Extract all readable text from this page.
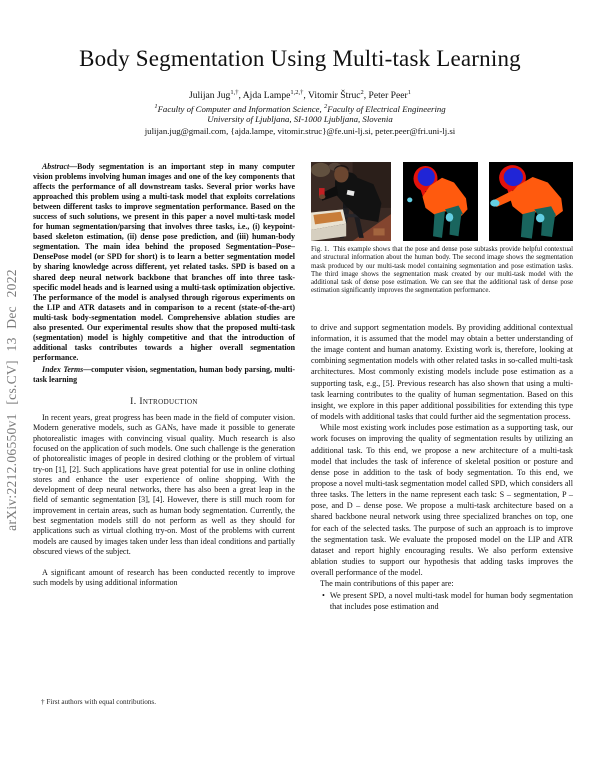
arXiv:2212.06550v1 [cs.CV] 13 Dec 2022
Body Segmentation Using Multi-task Learning
Julijan Jug$^{1,\dagger}$, Ajda Lampe$^{1,2,\dagger}$, Vitomir Štruc$^2$, Peter Peer$^1$
$^1$Faculty of Computer and Information Science, $^2$Faculty of Electrical Engineering
University of Ljubljana, SI-1000 Ljubljana, Slovenia
julijan.jug@gmail.com, {ajda.lampe, vitomir.struc}@fe.uni-lj.si, peter.peer@fri.uni-lj.si

Abstract—Body segmentation is an important step in many computer vision problems involving human images and one of the key components that affects the performance of all downstream tasks. Several prior works have approached this problem using a multi-task model that exploits correlations between different tasks to improve segmentation performance. Based on the success of such solutions, we present in this paper a novel multi-task model for human segmentation/parsing that involves three tasks, i.e., (i) keypoint-based skeleton estimation, (ii) dense pose prediction, and (iii) human-body segmentation. The main idea behind the proposed Segmentation–Pose–DensePose model (or SPD for short) is to learn a better segmentation model by sharing knowledge across different, yet related tasks. SPD is based on a shared deep neural network backbone that branches off into three task-specific model heads and is learned using a multi-task optimization objective. The performance of the model is analysed through rigorous experiments on the LIP and ATR datasets and in comparison to a recent (state-of-the-art) multi-task body-segmentation model. Comprehensive ablation studies are also presented. Our experimental results show that the proposed multi-task (segmentation) model is highly competitive and that the introduction of additional tasks contributes towards a higher overall segmentation performance.

Index Terms—computer vision, segmentation, human body parsing, multi-task learning

I. Introduction

In recent years, great progress has been made in the field of computer vision. Modern generative models, such as GANs, have made it possible to generate photorealistic images with convincing visual quality. Much research is also focused on the application of such models. One such challenge is the generation of photorealistic images of people in desired clothing or the problem of virtual try-on [1], [2]. Such applications have great potential for use in online clothing stores and enhance the user experience of online shopping. With the development of deep neural networks, there has also been a great leap in the field of semantic segmentation [3], [4]. However, there is still much room for improvement in certain areas, such as human body segmentation. Currently, the best segmentation models still do not perform as well as they should for applications such as virtual clothing try-on. Most of the problems with current models are caused by images taken under less than ideal conditions and partially obscured views of the subject.

A significant amount of research has been conducted recently to improve such models by using additional information

† First authors with equal contributions.
Fig. 1. This example shows that the pose and dense pose subtasks provide helpful contextual and structural information about the human body. The second image shows the segmentation mask produced by our multi-task model containing segmentation and pose estimation tasks. The third image shows the segmentation mask created by our multi-task model with the additional task of dense pose estimation. We can see that the additional task of dense pose estimation significantly improves the segmentation performance.

to drive and support segmentation models. By providing additional contextual information, it is assumed that the model may obtain a better understanding of the image content and human anatomy. Existing work is, therefore, looking at combining segmentation models with other related tasks in so-called multi-task architectures. Most commonly existing models include pose estimation as a supporting task, e.g., [5]. Previous research has also shown that using a multi-task learning contributes to the quality of human segmentation. Based on this insight, we explore in this paper additional possibilities for extending this type of models with additional tasks that could further aid the segmentation process.

While most existing work includes pose estimation as a supporting task, our work focuses on improving the quality of segmentation results by utilizing an additional task. To this end, we propose a new architecture of a multi-task model that includes the task of inference of skeletal position or posture and dense pose in addition to the task of body segmentation. To this end, we propose a novel multi-task segmentation model called SPD, which considers all three tasks. The letters in the name represent each task: S – segmentation, P – pose, and D – dense pose. We propose a multi-task architecture based on a shared backbone neural network using three specialized branches on top, one for each of the selected tasks. The purpose of such an approach is to improve the segmentation task. We evaluate the proposed model on the LIP and ATR dataset and report highly encouraging results. We also perform extensive ablation studies to support our hypothesis that adding tasks improves the overall performance of the model.

The main contributions of this paper are:

• We present SPD, a novel multi-task model for human body segmentation that includes pose estimation and
